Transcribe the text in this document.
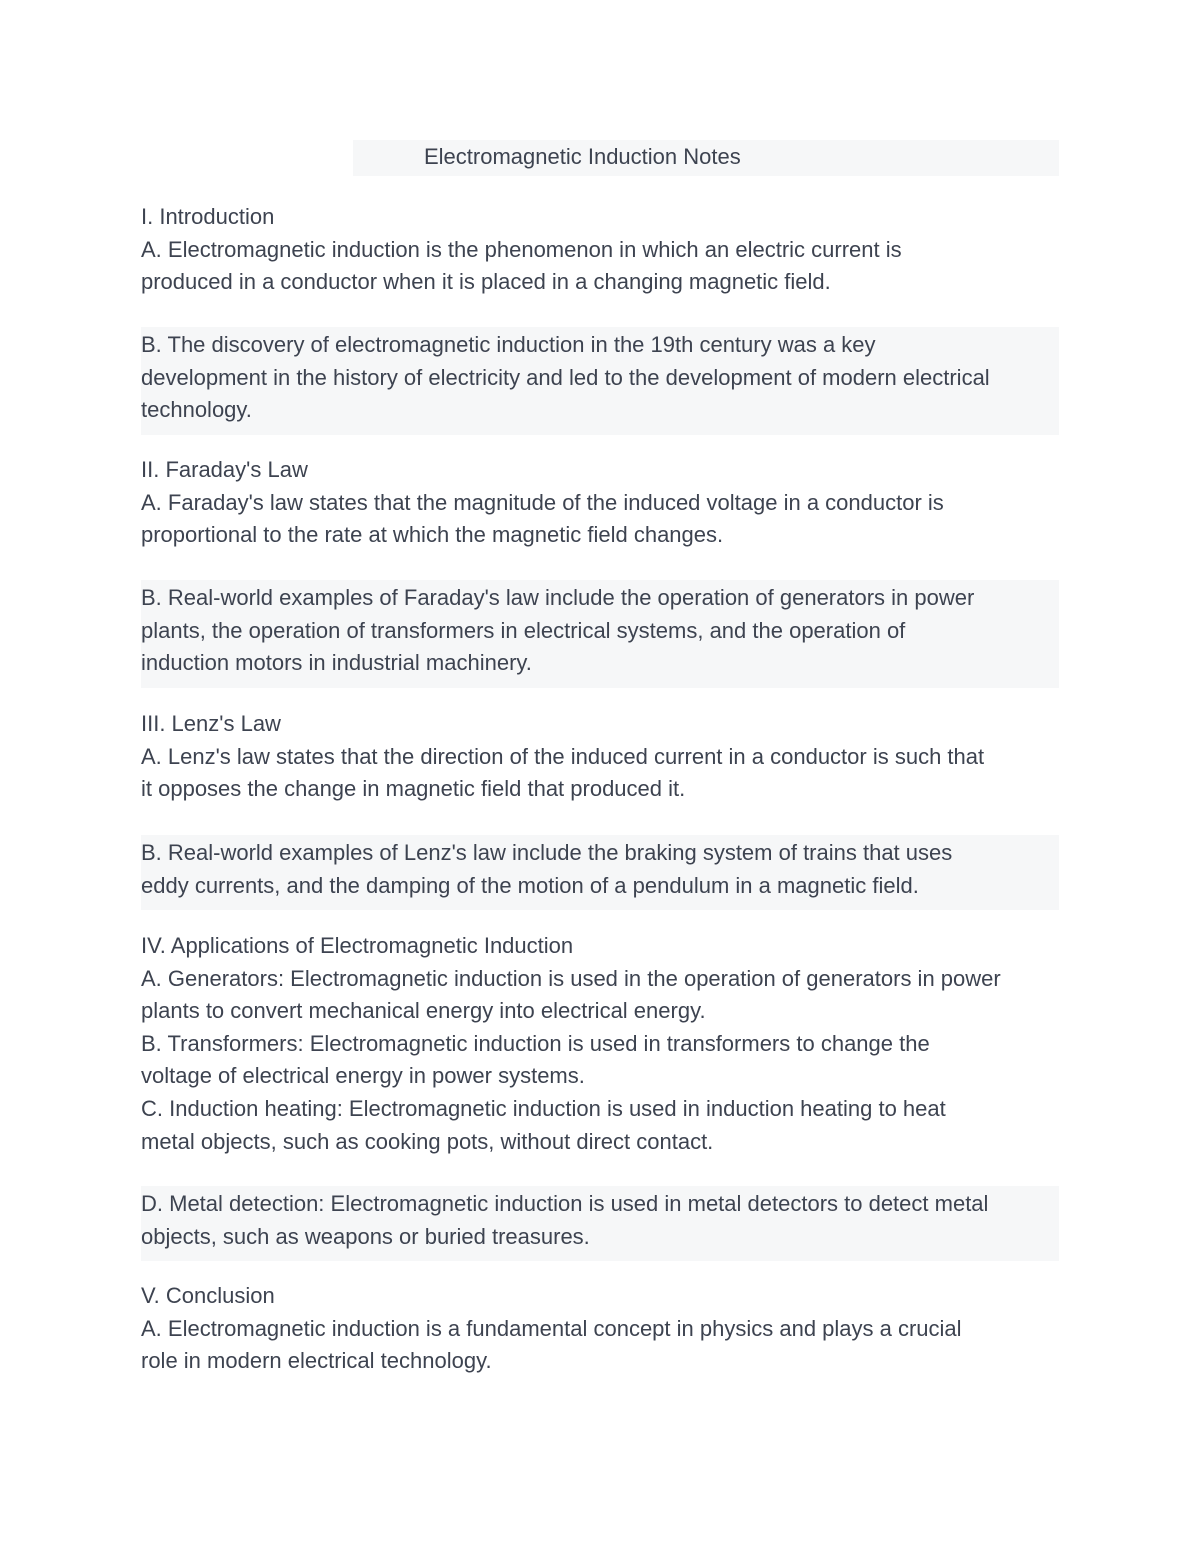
Electromagnetic Induction Notes
I. Introduction
A. Electromagnetic induction is the phenomenon in which an electric current is
produced in a conductor when it is placed in a changing magnetic field.
B. The discovery of electromagnetic induction in the 19th century was a key
development in the history of electricity and led to the development of modern electrical
technology.
II. Faraday's Law
A. Faraday's law states that the magnitude of the induced voltage in a conductor is
proportional to the rate at which the magnetic field changes.
B. Real-world examples of Faraday's law include the operation of generators in power
plants, the operation of transformers in electrical systems, and the operation of
induction motors in industrial machinery.
III. Lenz's Law
A. Lenz's law states that the direction of the induced current in a conductor is such that
it opposes the change in magnetic field that produced it.
B. Real-world examples of Lenz's law include the braking system of trains that uses
eddy currents, and the damping of the motion of a pendulum in a magnetic field.
IV. Applications of Electromagnetic Induction
A. Generators: Electromagnetic induction is used in the operation of generators in power
plants to convert mechanical energy into electrical energy.
B. Transformers: Electromagnetic induction is used in transformers to change the
voltage of electrical energy in power systems.
C. Induction heating: Electromagnetic induction is used in induction heating to heat
metal objects, such as cooking pots, without direct contact.
D. Metal detection: Electromagnetic induction is used in metal detectors to detect metal
objects, such as weapons or buried treasures.
V. Conclusion
A. Electromagnetic induction is a fundamental concept in physics and plays a crucial
role in modern electrical technology.
